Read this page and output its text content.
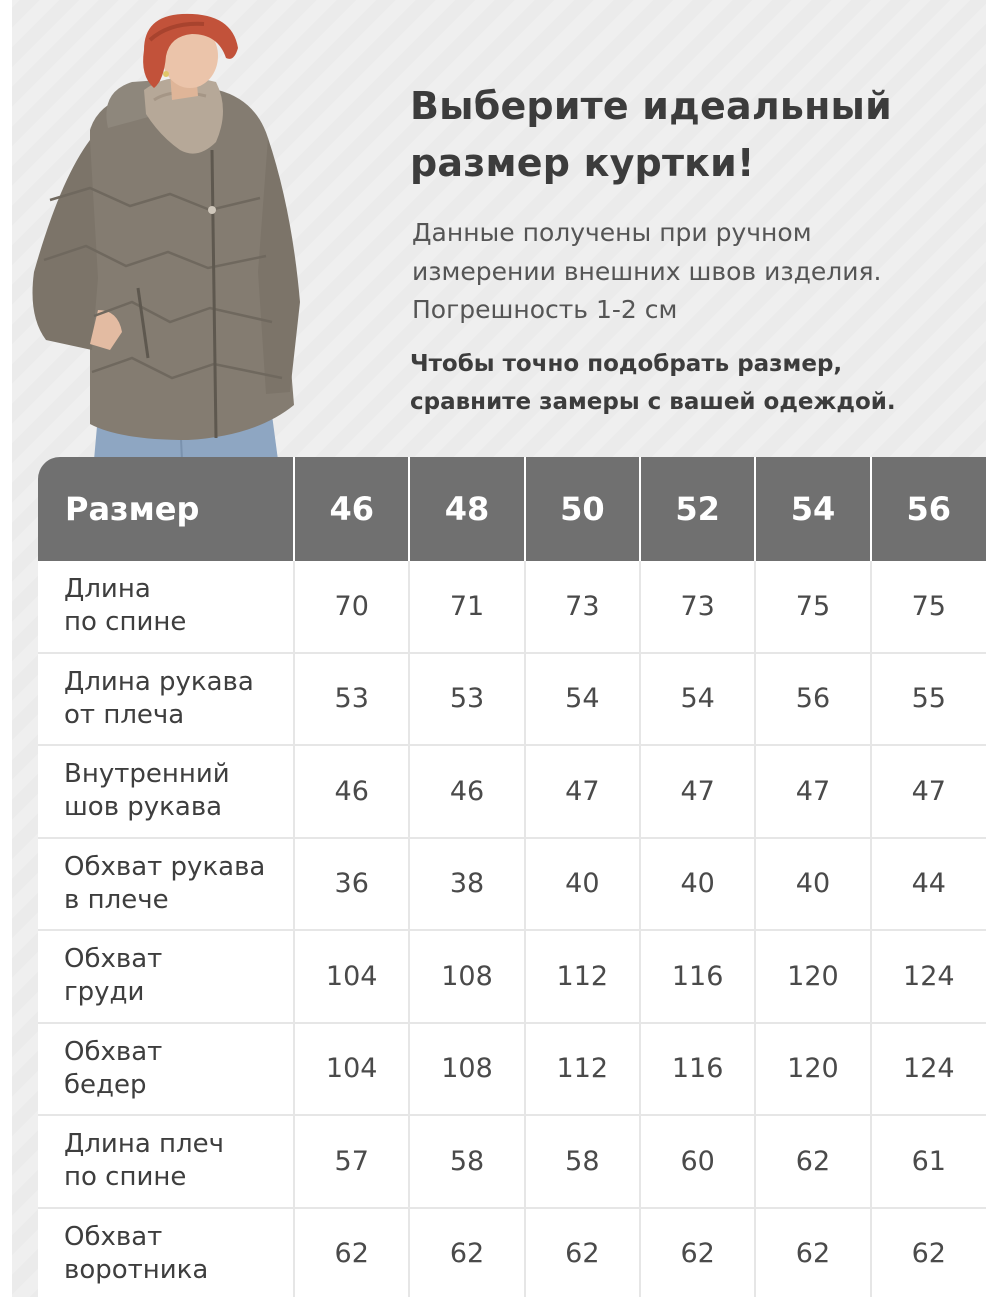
Выберите идеальный
размер куртки!

Данные получены при ручном
измерении внешних швов изделия.
Погрешность 1-2 см

Чтобы точно подобрать размер,
сравните замеры с вашей одеждой.

Размер	46	48	50	52	54	56

Длина
по спине	70	71	73	73	75	75

Длина рукава
от плеча	53	53	54	54	56	55

Внутренний
шов рукава	46	46	47	47	47	47

Обхват рукава
в плече	36	38	40	40	40	44

Обхват
груди	104	108	112	116	120	124

Обхват
бедер	104	108	112	116	120	124

Длина плеч
по спине	57	58	58	60	62	61

Обхват
воротника	62	62	62	62	62	62
